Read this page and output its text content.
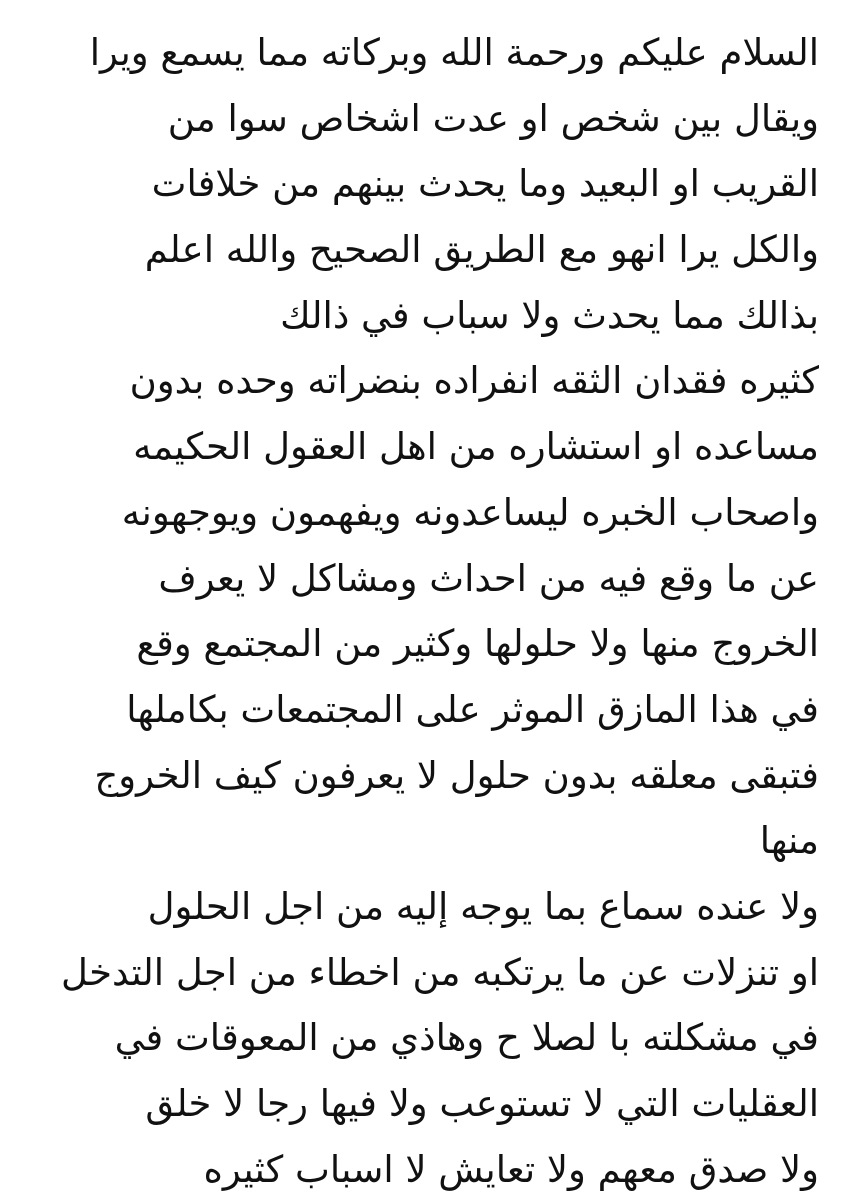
السلام عليكم ورحمة الله وبركاته مما يسمع ويرا
ويقال بين شخص او عدت اشخاص سوا من
القريب او البعيد وما يحدث بينهم من خلافات
والكل يرا انهو مع الطريق الصحيح والله اعلم
بذالك مما يحدث ولا سباب في ذالك
كثيره فقدان الثقه انفراده بنضراته وحده بدون
مساعده او استشاره من اهل العقول الحكيمه
واصحاب الخبره ليساعدونه ويفهمون ويوجهونه
عن ما وقع فيه من احداث ومشاكل لا يعرف
الخروج منها ولا حلولها وكثير من المجتمع وقع
في هذا المازق الموثر على المجتمعات بكاملها
فتبقى معلقه بدون حلول لا يعرفون كيف الخروج
منها
ولا عنده سماع بما يوجه إليه من اجل الحلول
او تنزلات عن ما يرتكبه من اخطاء من اجل التدخل
في مشكلته با لصلا ح وهاذي من المعوقات في
العقليات التي لا تستوعب ولا فيها رجا لا خلق
ولا صدق معهم ولا تعايش لا اسباب كثيره
